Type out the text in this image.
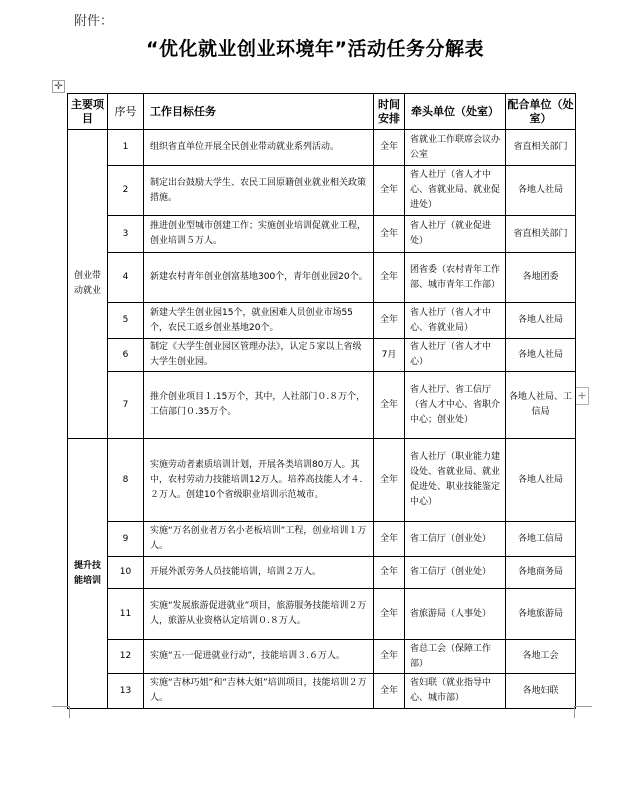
附件：
“优化就业创业环境年”活动任务分解表
✛
+
主要项目	序号	工作目标任务	时间安排	牵头单位（处室）	配合单位（处室）
创业带动就业	1	组织省直单位开展全民创业带动就业系列活动。	全年	省就业工作联席会议办公室	省直相关部门
	2	制定出台鼓励大学生、农民工回原籍创业就业相关政策措施。	全年	省人社厅（省人才中心、省就业局、就业促进处）	各地人社局
	3	推进创业型城市创建工作；实施创业培训促就业工程，创业培训５万人。	全年	省人社厅（就业促进处）	省直相关部门
	4	新建农村青年创业创富基地300个，青年创业园20个。	全年	团省委（农村青年工作部、城市青年工作部）	各地团委
	5	新建大学生创业园15个，就业困难人员创业市场55个，农民工返乡创业基地20个。	全年	省人社厅（省人才中心、省就业局）	各地人社局
	6	制定《大学生创业园区管理办法》，认定５家以上省级大学生创业园。	7月	省人社厅（省人才中心）	各地人社局
	7	推介创业项目１.15万个，其中，人社部门０.８万个，工信部门０.35万个。	全年	省人社厅、省工信厅（省人才中心、省职介中心；创业处）	各地人社局、工信局
提升技能培训	8	实施劳动者素质培训计划，开展各类培训80万人。其中，农村劳动力技能培训12万人。培养高技能人才４.２万人。创建10个省级职业培训示范城市。	全年	省人社厅（职业能力建设处、省就业局、就业促进处、职业技能鉴定中心）	各地人社局
	9	实施“万名创业者万名小老板培训”工程，创业培训１万人。	全年	省工信厅（创业处）	各地工信局
	10	开展外派劳务人员技能培训，培训２万人。	全年	省工信厅（创业处）	各地商务局
	11	实施“发展旅游促进就业”项目，旅游服务技能培训２万人，旅游从业资格认定培训０.８万人。	全年	省旅游局（人事处）	各地旅游局
	12	实施“五·一促进就业行动”，技能培训３.６万人。	全年	省总工会（保障工作部）	各地工会
	13	实施“吉林巧姐”和“吉林大姐”培训项目，技能培训２万人。	全年	省妇联（就业指导中心、城市部）	各地妇联
